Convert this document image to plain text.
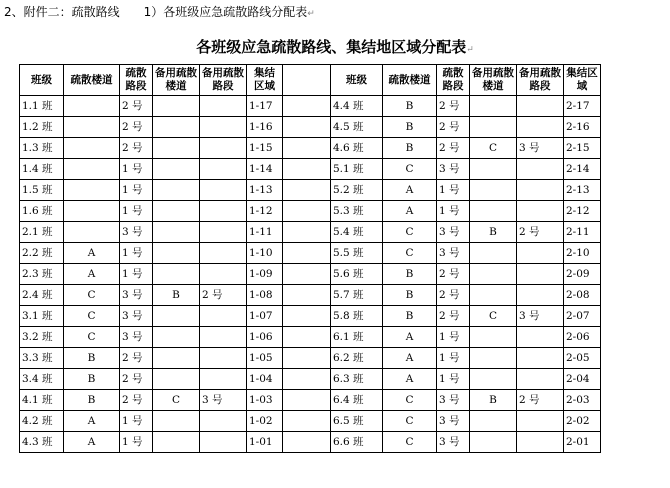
2、附件二：疏散路线 1）各班级应急疏散路线分配表↵
各班级应急疏散路线、集结地区域分配表↵
班级	疏散楼道	疏散路段	备用疏散楼道	备用疏散路段	集结区域		班级	疏散楼道	疏散路段	备用疏散楼道	备用疏散路段	集结区域
1.1 班		2 号			1-17		4.4 班	B	2 号			2-17
1.2 班		2 号			1-16		4.5 班	B	2 号			2-16
1.3 班		2 号			1-15		4.6 班	B	2 号	C	3 号	2-15
1.4 班		1 号			1-14		5.1 班	C	3 号			2-14
1.5 班		1 号			1-13		5.2 班	A	1 号			2-13
1.6 班		1 号			1-12		5.3 班	A	1 号			2-12
2.1 班		3 号			1-11		5.4 班	C	3 号	B	2 号	2-11
2.2 班	A	1 号			1-10		5.5 班	C	3 号			2-10
2.3 班	A	1 号			1-09		5.6 班	B	2 号			2-09
2.4 班	C	3 号	B	2 号	1-08		5.7 班	B	2 号			2-08
3.1 班	C	3 号			1-07		5.8 班	B	2 号	C	3 号	2-07
3.2 班	C	3 号			1-06		6.1 班	A	1 号			2-06
3.3 班	B	2 号			1-05		6.2 班	A	1 号			2-05
3.4 班	B	2 号			1-04		6.3 班	A	1 号			2-04
4.1 班	B	2 号	C	3 号	1-03		6.4 班	C	3 号	B	2 号	2-03
4.2 班	A	1 号			1-02		6.5 班	C	3 号			2-02
4.3 班	A	1 号			1-01		6.6 班	C	3 号			2-01
